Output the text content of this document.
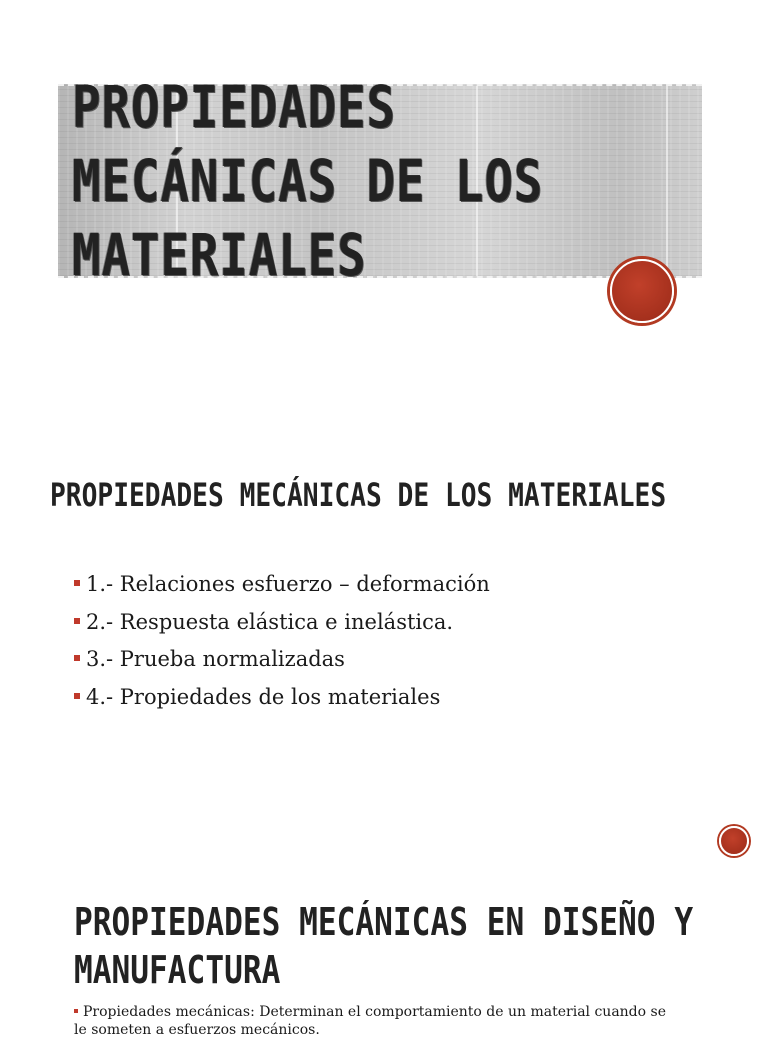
PROPIEDADES
MECÁNICAS DE LOS
MATERIALES
PROPIEDADES MECÁNICAS DE LOS MATERIALES
1.- Relaciones esfuerzo – deformación
2.- Respuesta elástica e inelástica.
3.- Prueba normalizadas
4.- Propiedades de los materiales
PROPIEDADES MECÁNICAS EN DISEÑO Y
MANUFACTURA
Propiedades mecánicas: Determinan el comportamiento de un material cuando se
le someten a esfuerzos mecánicos.
